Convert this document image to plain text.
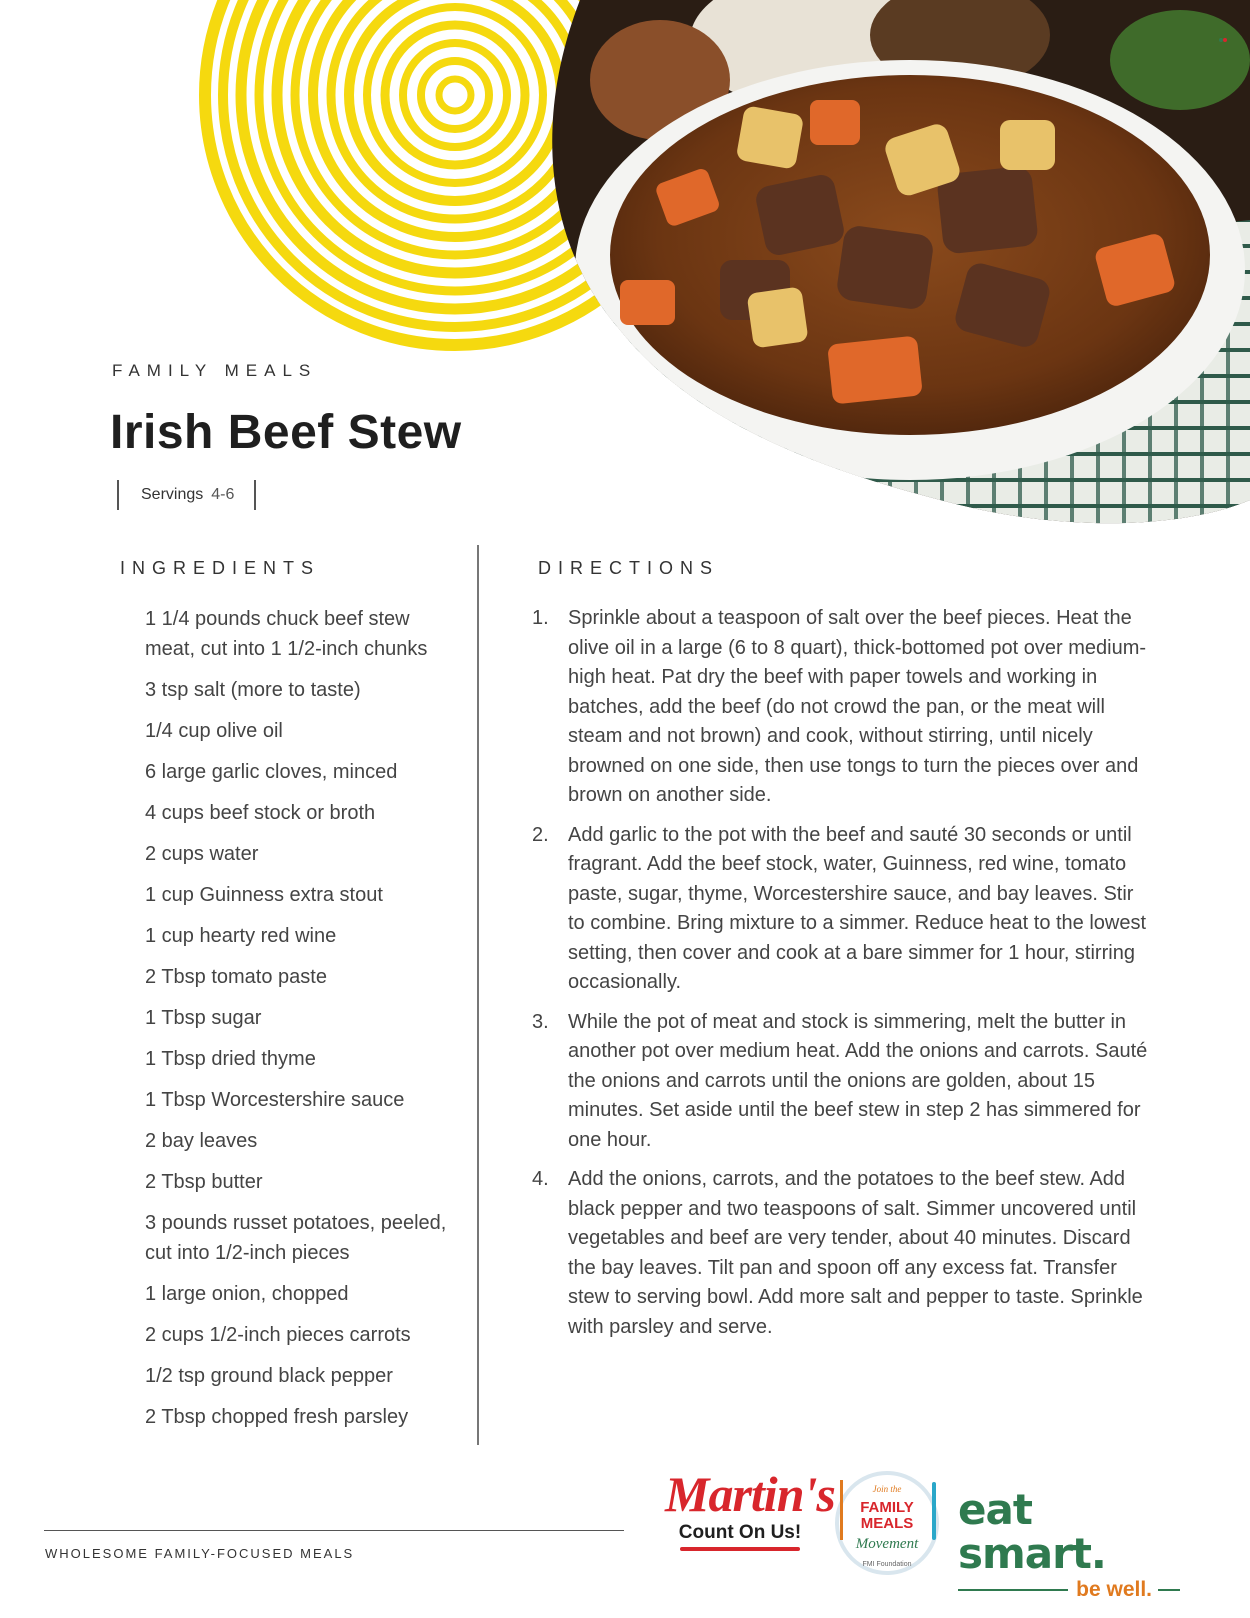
FAMILY MEALS
Irish Beef Stew
Servings 4-6
INGREDIENTS	DIRECTIONS
1 1/4 pounds chuck beef stew meat, cut into 1 1/2-inch chunks
3 tsp salt (more to taste)
1/4 cup olive oil
6 large garlic cloves, minced
4 cups beef stock or broth
2 cups water
1 cup Guinness extra stout
1 cup hearty red wine
2 Tbsp tomato paste
1 Tbsp sugar
1 Tbsp dried thyme
1 Tbsp Worcestershire sauce
2 bay leaves
2 Tbsp butter
3 pounds russet potatoes, peeled, cut into 1/2-inch pieces
1 large onion, chopped
2 cups 1/2-inch pieces carrots
1/2 tsp ground black pepper
2 Tbsp chopped fresh parsley
1. Sprinkle about a teaspoon of salt over the beef pieces. Heat the olive oil in a large (6 to 8 quart), thick-bottomed pot over medium-high heat. Pat dry the beef with paper towels and working in batches, add the beef (do not crowd the pan, or the meat will steam and not brown) and cook, without stirring, until nicely browned on one side, then use tongs to turn the pieces over and brown on another side.
2. Add garlic to the pot with the beef and sauté 30 seconds or until fragrant. Add the beef stock, water, Guinness, red wine, tomato paste, sugar, thyme, Worcestershire sauce, and bay leaves. Stir to combine. Bring mixture to a simmer. Reduce heat to the lowest setting, then cover and cook at a bare simmer for 1 hour, stirring occasionally.
3. While the pot of meat and stock is simmering, melt the butter in another pot over medium heat. Add the onions and carrots. Sauté the onions and carrots until the onions are golden, about 15 minutes. Set aside until the beef stew in step 2 has simmered for one hour.
4. Add the onions, carrots, and the potatoes to the beef stew. Add black pepper and two teaspoons of salt. Simmer uncovered until vegetables and beef are very tender, about 40 minutes. Discard the bay leaves. Tilt pan and spoon off any excess fat. Transfer stew to serving bowl. Add more salt and pepper to taste. Sprinkle with parsley and serve.
WHOLESOME FAMILY-FOCUSED MEALS
Martin's
Count On Us!
Join the
FAMILY
MEALS
Movement
FMI Foundation
eat smart.
be well.
